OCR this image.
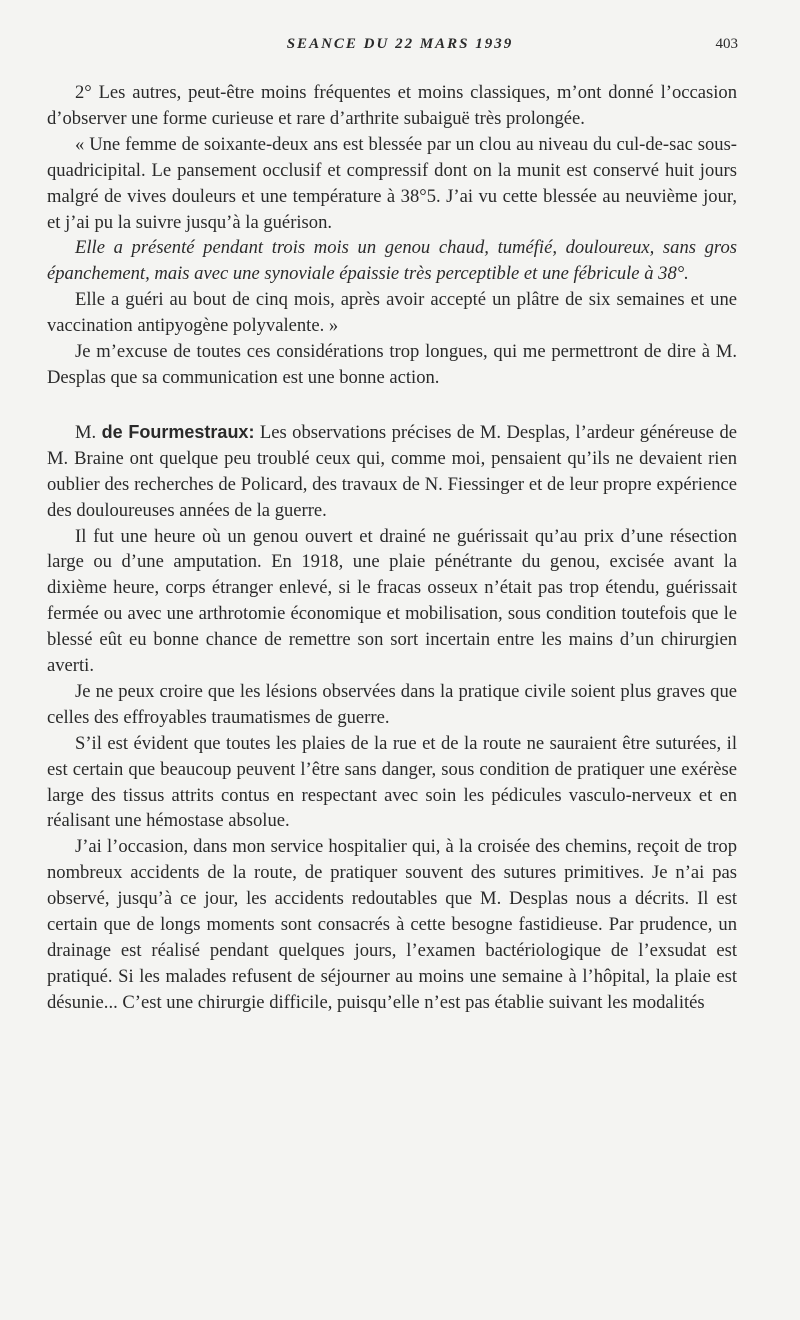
SEANCE DU 22 MARS 1939	403

2° Les autres, peut-être moins fréquentes et moins classiques, m’ont donné l’occasion d’observer une forme curieuse et rare d’arthrite subaiguë très prolongée.

« Une femme de soixante-deux ans est blessée par un clou au niveau du cul-de-sac sous-quadricipital. Le pansement occlusif et compressif dont on la munit est conservé huit jours malgré de vives douleurs et une température à 38°5. J’ai vu cette blessée au neuvième jour, et j’ai pu la suivre jusqu’à la guérison.

Elle a présenté pendant trois mois un genou chaud, tuméfié, douloureux, sans gros épanchement, mais avec une synoviale épaissie très perceptible et une fébricule à 38°.

Elle a guéri au bout de cinq mois, après avoir accepté un plâtre de six semaines et une vaccination antipyogène polyvalente. »

Je m’excuse de toutes ces considérations trop longues, qui me permettront de dire à M. Desplas que sa communication est une bonne action.

M. de Fourmestraux: Les observations précises de M. Desplas, l’ardeur généreuse de M. Braine ont quelque peu troublé ceux qui, comme moi, pensaient qu’ils ne devaient rien oublier des recherches de Policard, des travaux de N. Fiessinger et de leur propre expérience des douloureuses années de la guerre.

Il fut une heure où un genou ouvert et drainé ne guérissait qu’au prix d’une résection large ou d’une amputation. En 1918, une plaie pénétrante du genou, excisée avant la dixième heure, corps étranger enlevé, si le fracas osseux n’était pas trop étendu, guérissait fermée ou avec une arthrotomie économique et mobilisation, sous condition toutefois que le blessé eût eu bonne chance de remettre son sort incertain entre les mains d’un chirurgien averti.

Je ne peux croire que les lésions observées dans la pratique civile soient plus graves que celles des effroyables traumatismes de guerre.

S’il est évident que toutes les plaies de la rue et de la route ne sauraient être suturées, il est certain que beaucoup peuvent l’être sans danger, sous condition de pratiquer une exérèse large des tissus attrits contus en respectant avec soin les pédicules vasculo-nerveux et en réalisant une hémostase absolue.

J’ai l’occasion, dans mon service hospitalier qui, à la croisée des chemins, reçoit de trop nombreux accidents de la route, de pratiquer souvent des sutures primitives. Je n’ai pas observé, jusqu’à ce jour, les accidents redoutables que M. Desplas nous a décrits. Il est certain que de longs moments sont consacrés à cette besogne fastidieuse. Par prudence, un drainage est réalisé pendant quelques jours, l’examen bactériologique de l’exsudat est pratiqué. Si les malades refusent de séjourner au moins une semaine à l’hôpital, la plaie est désunie... C’est une chirurgie difficile, puisqu’elle n’est pas établie suivant les modalités
